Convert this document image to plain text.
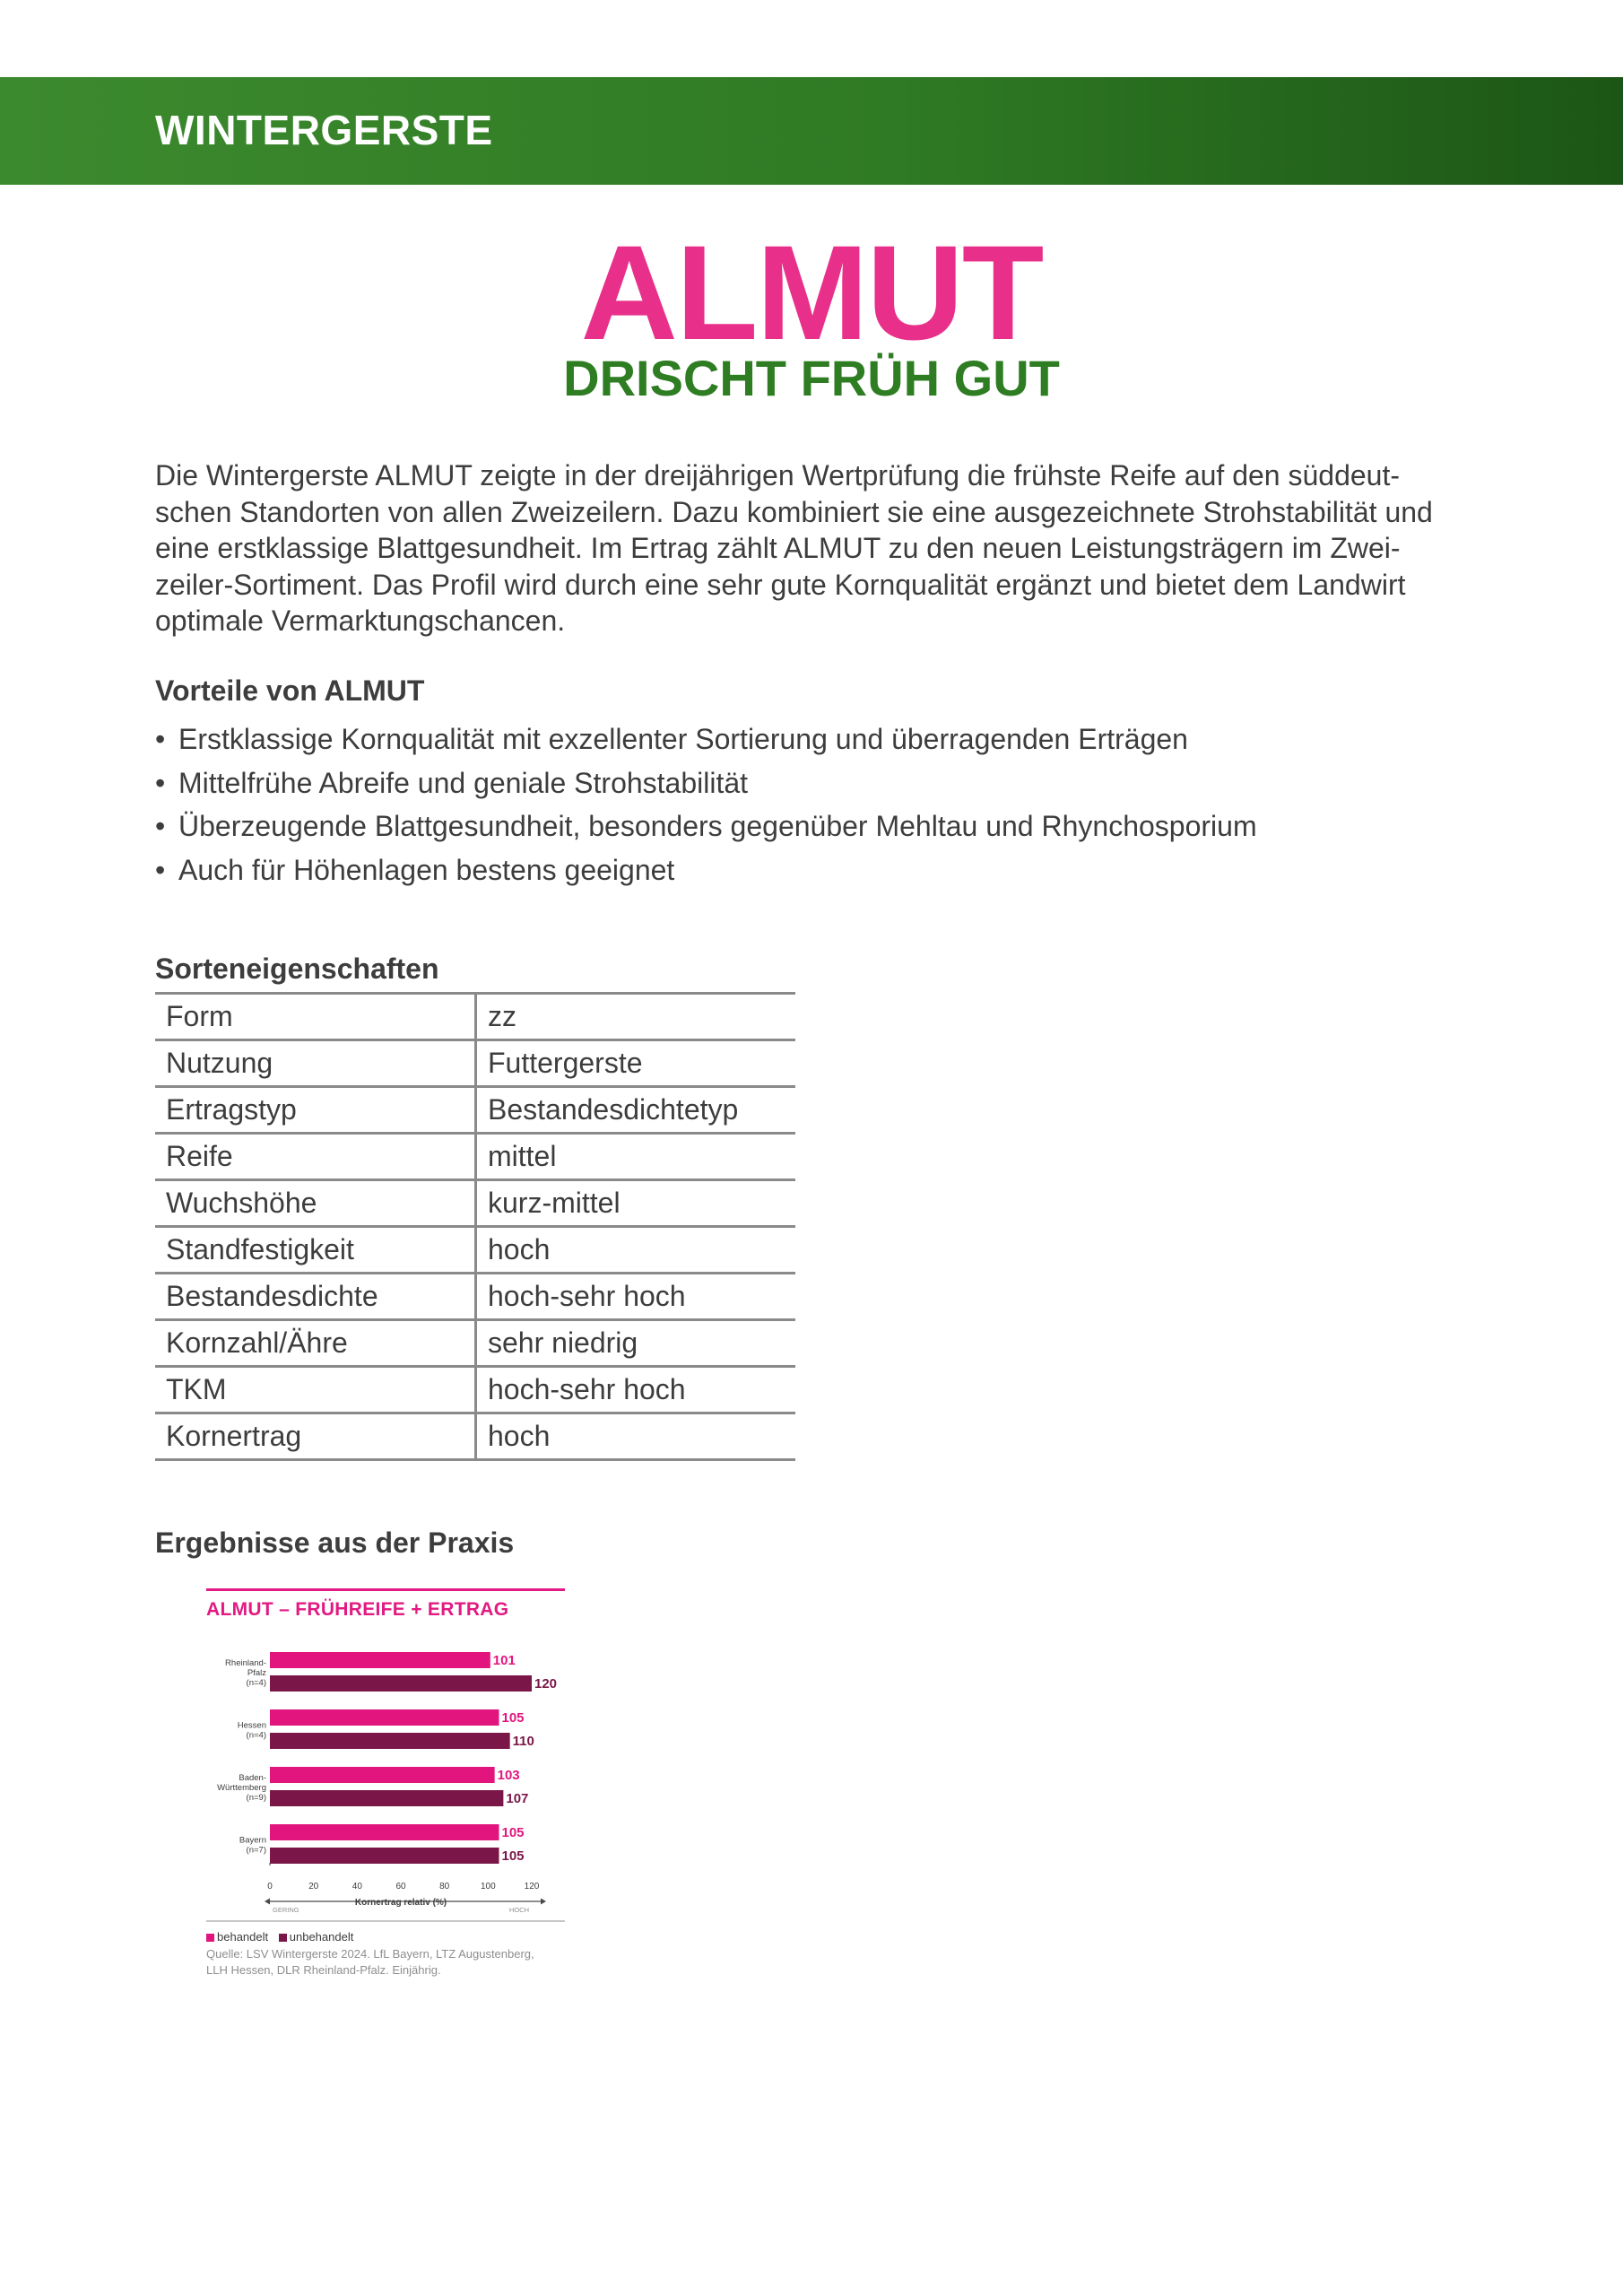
WINTERGERSTE
ALMUT
DRISCHT FRÜH GUT

Die Wintergerste ALMUT zeigte in der dreijährigen Wertprüfung die frühste Reife auf den süddeut-
schen Standorten von allen Zweizeilern. Dazu kombiniert sie eine ausgezeichnete Strohstabilität und
eine erstklassige Blattgesundheit. Im Ertrag zählt ALMUT zu den neuen Leistungsträgern im Zwei-
zeiler-Sortiment. Das Profil wird durch eine sehr gute Kornqualität ergänzt und bietet dem Landwirt
optimale Vermarktungschancen.

Vorteile von ALMUT
• Erstklassige Kornqualität mit exzellenter Sortierung und überragenden Erträgen
• Mittelfrühe Abreife und geniale Strohstabilität
• Überzeugende Blattgesundheit, besonders gegenüber Mehltau und Rhynchosporium
• Auch für Höhenlagen bestens geeignet
Sorteneigenschaften
Form	zz
Nutzung	Futtergerste
Ertragstyp	Bestandesdichtetyp
Reife	mittel
Wuchshöhe	kurz-mittel
Standfestigkeit	hoch
Bestandesdichte	hoch-sehr hoch
Kornzahl/Ähre	sehr niedrig
TKM	hoch-sehr hoch
Kornertrag	hoch
Ergebnisse aus der Praxis
ALMUT – FRÜHREIFE + ERTRAG
Rheinland-
Pfalz
(n=4)
101
120
Hessen
(n=4)
105
110
Baden-
Württemberg
(n=9)
103
107
Bayern
(n=7)
105
105
0	20	40	60	80	100	120
GERING	HOCH
Kornertrag relativ (%)
behandelt unbehandelt
Quelle: LSV Wintergerste 2024. LfL Bayern, LTZ Augustenberg,
LLH Hessen, DLR Rheinland-Pfalz. Einjährig.
